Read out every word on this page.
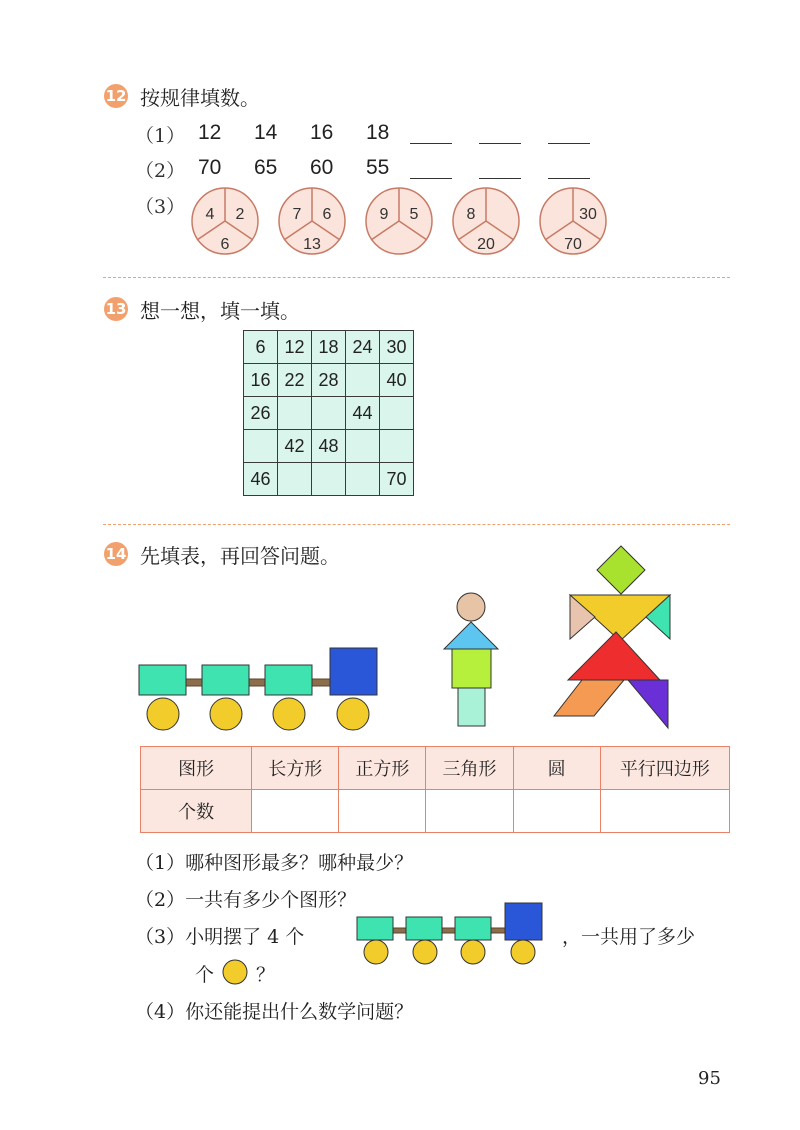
12 按规律填数。
（1） 12	14	16	18
（2） 70	65	60	55
（3） 4 2
6
7 6
13
9 5	8
20
30
70
13 想一想，填一填。
6	12	18	24	30
16	22	28		40
26			44	
	42	48		
46				70
14 先填表，再回答问题。
图形	长方形	正方形	三角形	圆	平行四边形
个数					
（1）哪种图形最多？哪种最少？
（2）一共有多少个图形？
（3）小明摆了 4 个	，一共用了多少
个 ？
（4）你还能提出什么数学问题？
95
